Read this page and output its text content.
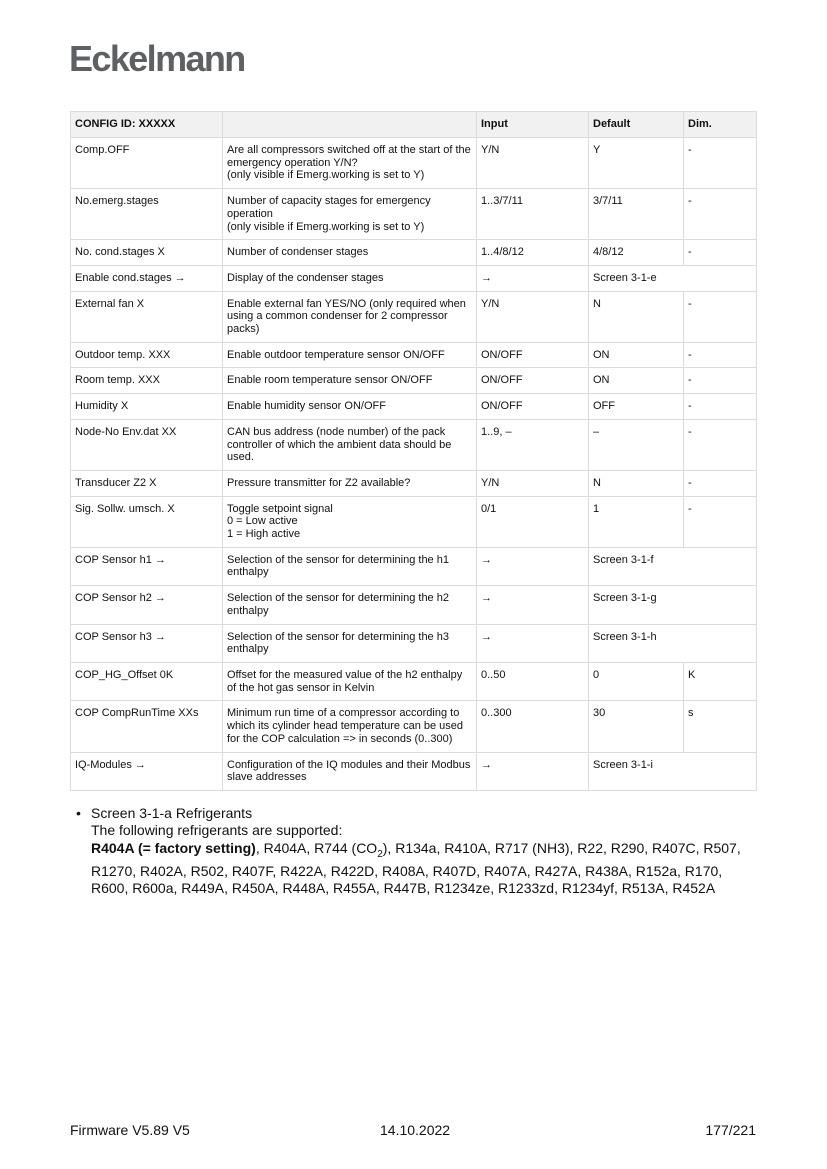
Eckelmann
CONFIG ID: XXXXX		Input	Default	Dim.
Comp.OFF	Are all compressors switched off at the start of the emergency operation Y/N?
(only visible if Emerg.working is set to Y)	Y/N	Y	-
No.emerg.stages	Number of capacity stages for emergency operation
(only visible if Emerg.working is set to Y)	1..3/7/11	3/7/11	-
No. cond.stages X	Number of condenser stages	1..4/8/12	4/8/12	-
Enable cond.stages →	Display of the condenser stages	→	Screen 3-1-e	
External fan X	Enable external fan YES/NO (only required when using a common condenser for 2 compressor packs)	Y/N	N	-
Outdoor temp. XXX	Enable outdoor temperature sensor ON/OFF	ON/OFF	ON	-
Room temp. XXX	Enable room temperature sensor ON/OFF	ON/OFF	ON	-
Humidity X	Enable humidity sensor ON/OFF	ON/OFF	OFF	-
Node-No Env.dat XX	CAN bus address (node number) of the pack controller of which the ambient data should be used.	1..9, –	–	-
Transducer Z2 X	Pressure transmitter for Z2 available?	Y/N	N	-
Sig. Sollw. umsch. X	Toggle setpoint signal
0 = Low active
1 = High active	0/1	1	-
COP Sensor h1 →	Selection of the sensor for determining the h1 enthalpy	→	Screen 3-1-f	
COP Sensor h2 →	Selection of the sensor for determining the h2 enthalpy	→	Screen 3-1-g	
COP Sensor h3 →	Selection of the sensor for determining the h3 enthalpy	→	Screen 3-1-h	
COP_HG_Offset 0K	Offset for the measured value of the h2 enthalpy of the hot gas sensor in Kelvin	0..50	0	K
COP CompRunTime XXs	Minimum run time of a compressor according to which its cylinder head temperature can be used for the COP calculation => in seconds (0..300)	0..300	30	s
IQ-Modules →	Configuration of the IQ modules and their Modbus slave addresses	→	Screen 3-1-i	
• Screen 3-1-a Refrigerants
The following refrigerants are supported:
R404A (= factory setting), R404A, R744 $(CO_2)$, R134a, R410A, R717 (NH3), R22, R290, R407C, R507, R1270, R402A, R502, R407F, R422A, R422D, R408A, R407D, R407A, R427A, R438A, R152a, R170, R600, R600a, R449A, R450A, R448A, R455A, R447B, R1234ze, R1233zd, R1234yf, R513A, R452A
Firmware V5.89 V5	14.10.2022	177/221
